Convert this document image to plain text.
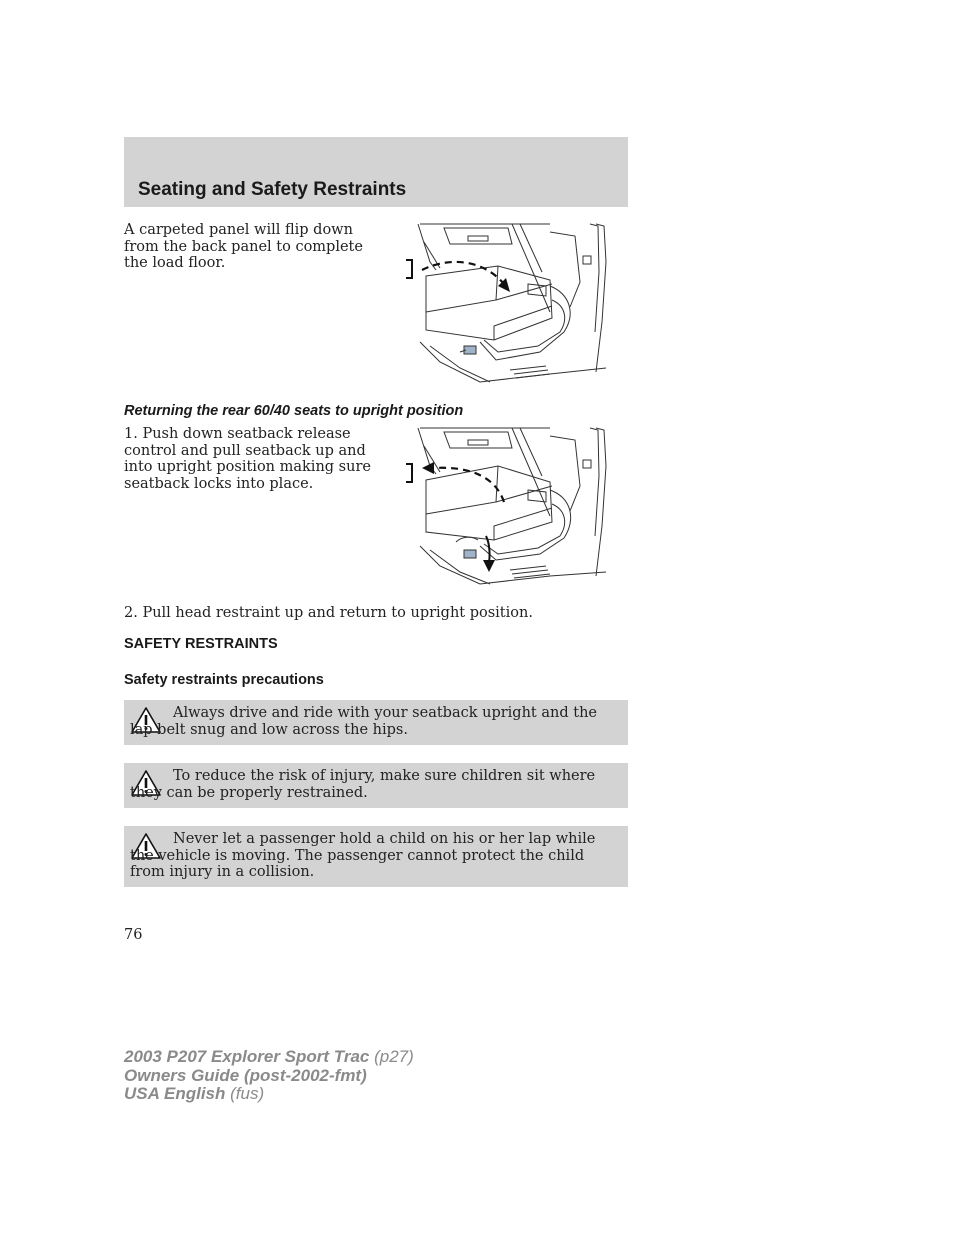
Seating and Safety Restraints
A carpeted panel will flip down from the back panel to complete the load floor.
Returning the rear 60/40 seats to upright position
1. Push down seatback release control and pull seatback up and into upright position making sure seatback locks into place.
2. Pull head restraint up and return to upright position.
SAFETY RESTRAINTS
Safety restraints precautions
Always drive and ride with your seatback upright and the lap belt snug and low across the hips.
To reduce the risk of injury, make sure children sit where they can be properly restrained.
Never let a passenger hold a child on his or her lap while the vehicle is moving. The passenger cannot protect the child from injury in a collision.
76
2003 P207 Explorer Sport Trac (p27)
Owners Guide (post-2002-fmt)
USA English (fus)
